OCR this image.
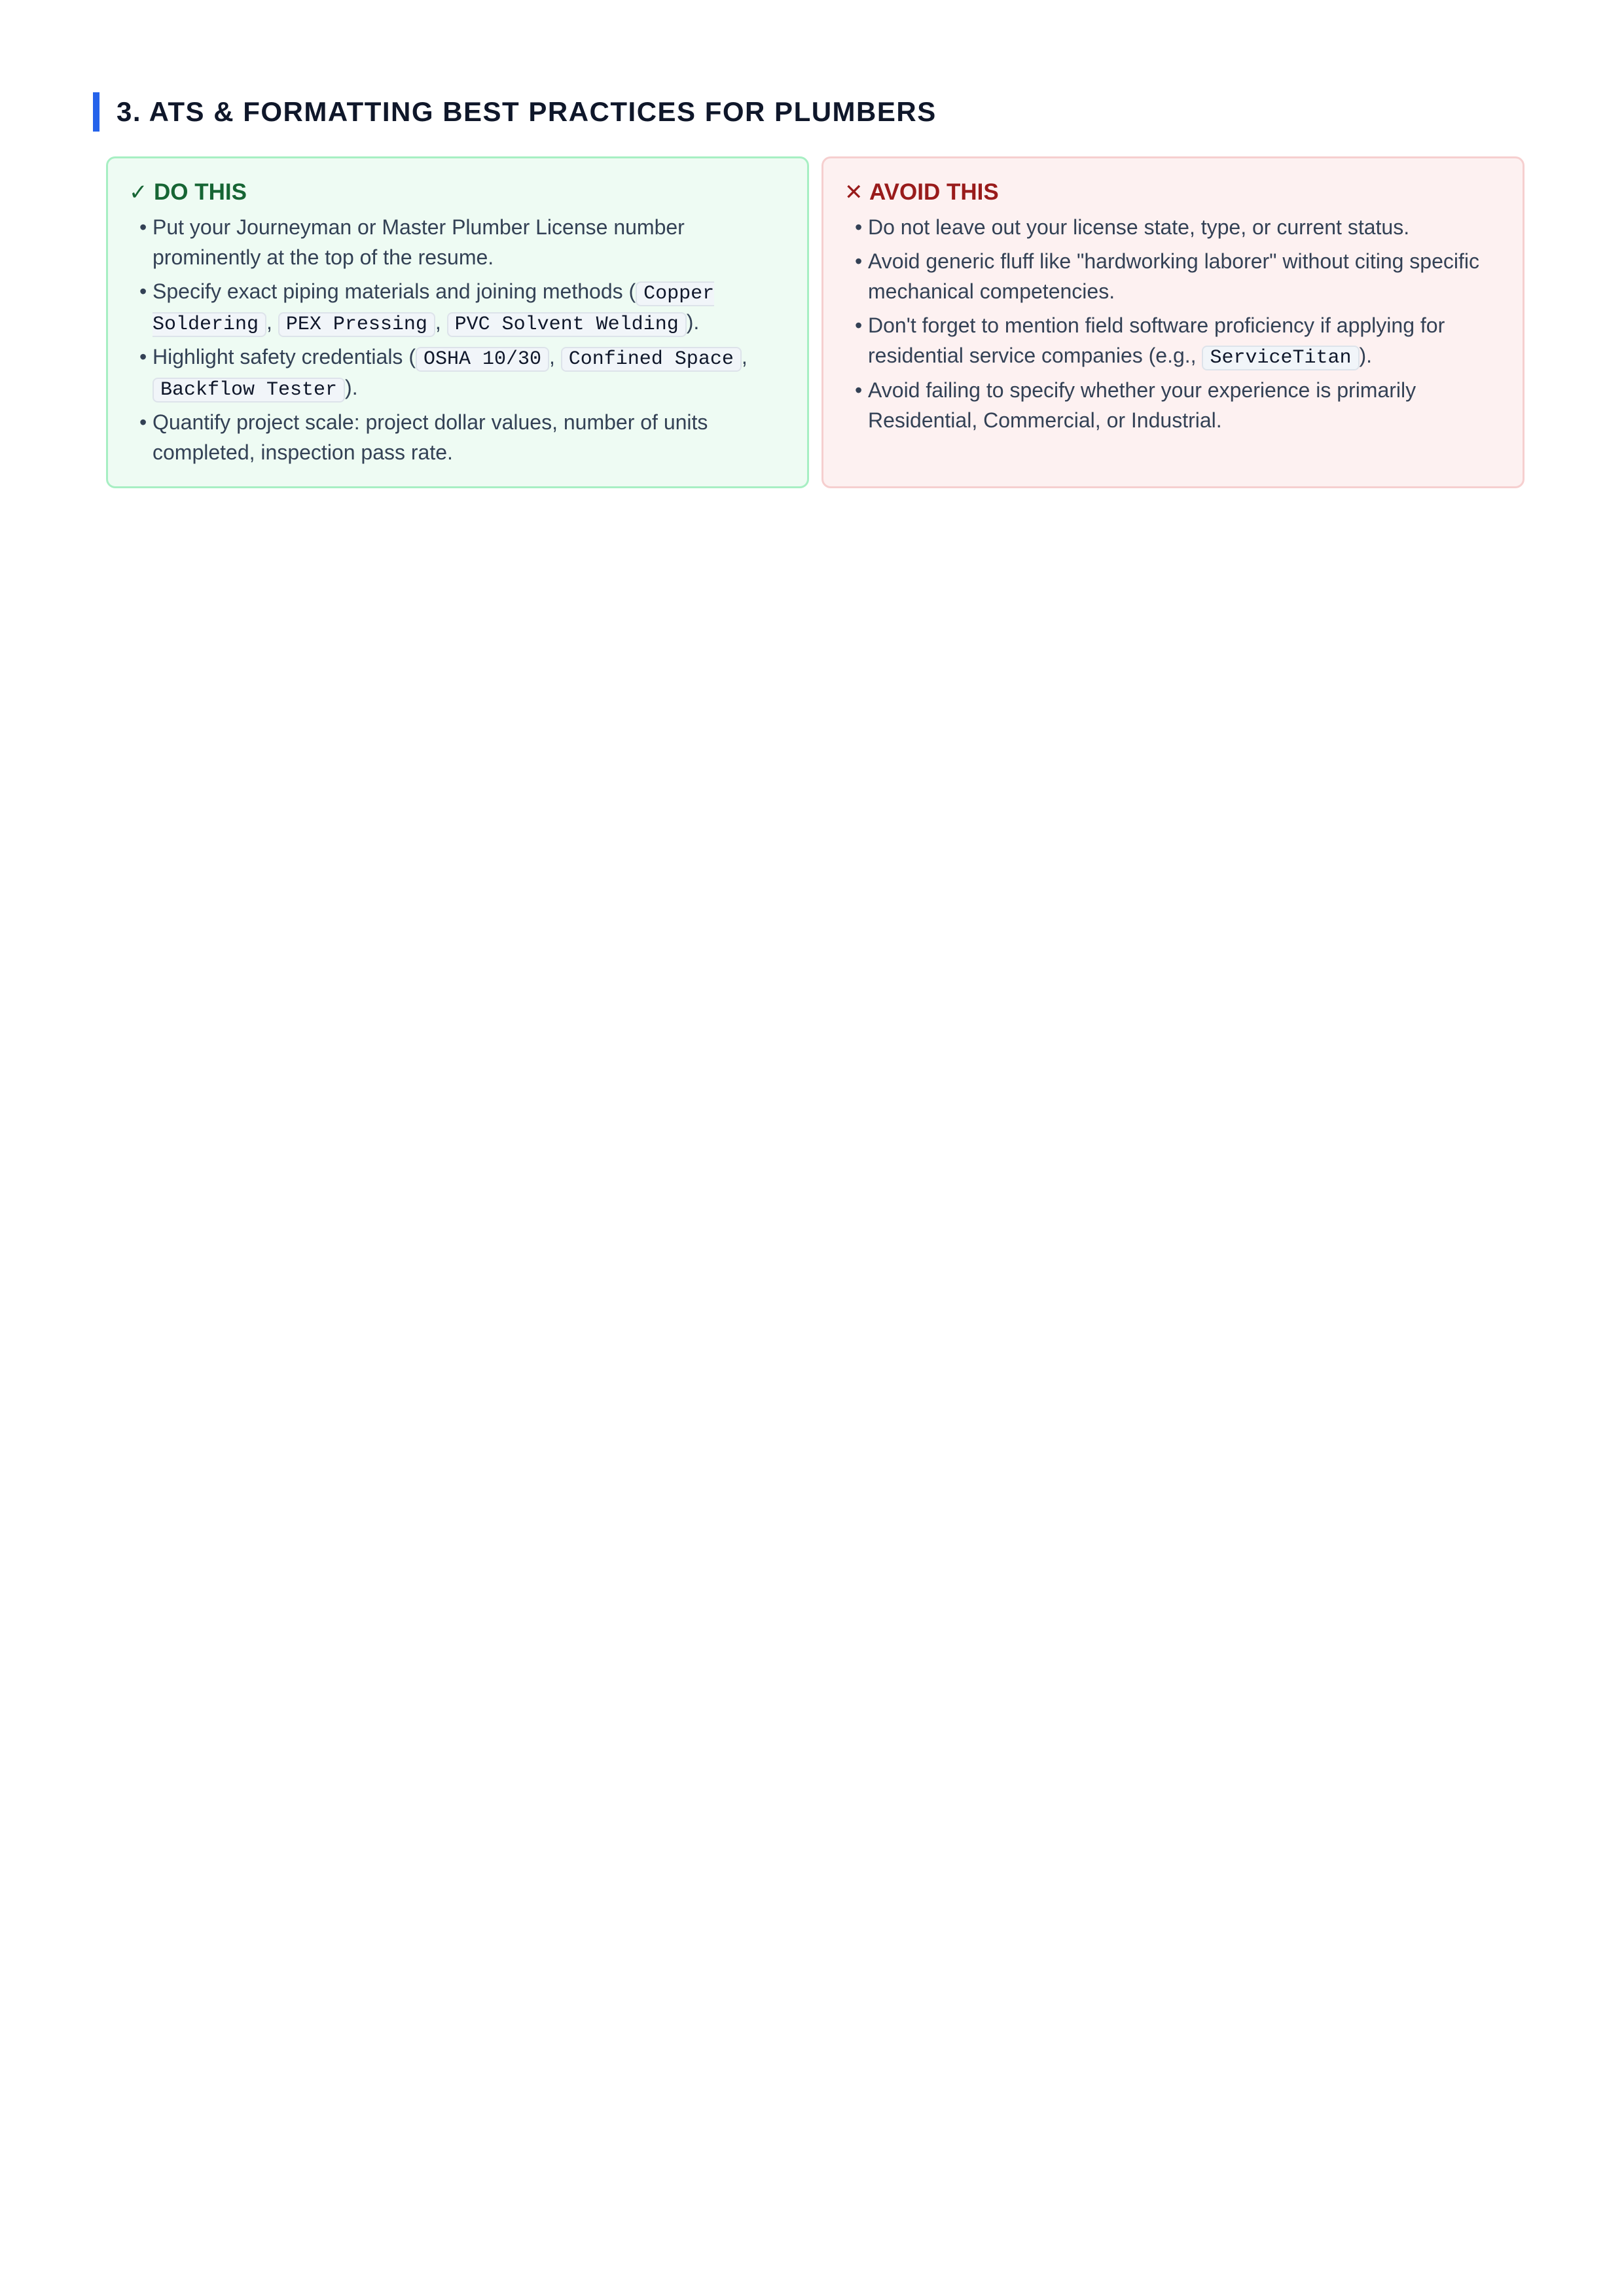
3. ATS & FORMATTING BEST PRACTICES FOR PLUMBERS
✓ DO THIS
• Put your Journeyman or Master Plumber License number prominently at the top of the resume.
• Specify exact piping materials and joining methods ( Copper Soldering , PEX Pressing , PVC Solvent Welding ).
• Highlight safety credentials ( OSHA 10/30 , Confined Space , Backflow Tester ).
• Quantify project scale: project dollar values, number of units completed, inspection pass rate.
✕ AVOID THIS
• Do not leave out your license state, type, or current status.
• Avoid generic fluff like "hardworking laborer" without citing specific mechanical competencies.
• Don't forget to mention field software proficiency if applying for residential service companies (e.g., ServiceTitan ).
• Avoid failing to specify whether your experience is primarily Residential, Commercial, or Industrial.
